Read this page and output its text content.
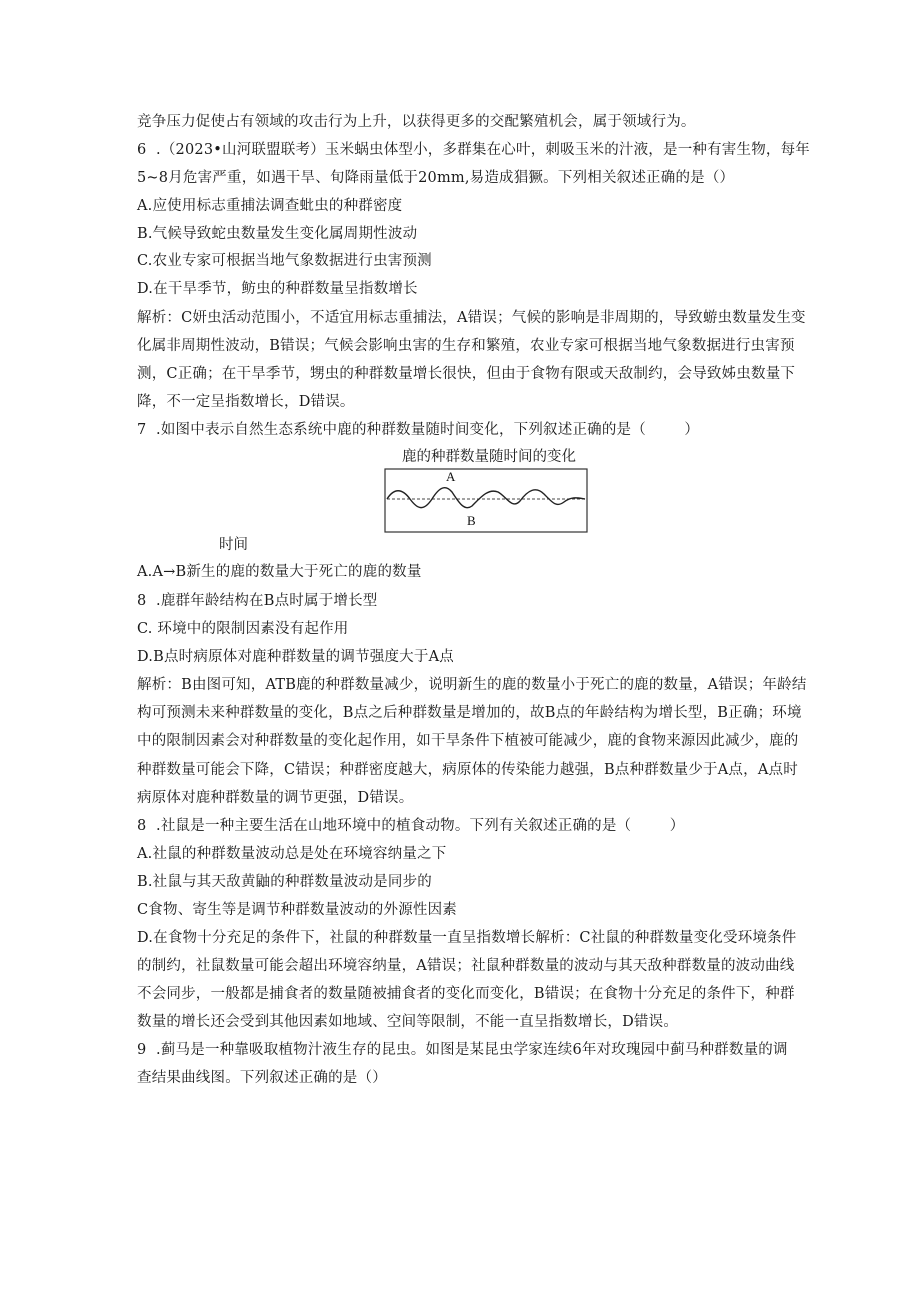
竞争压力促使占有领域的攻击行为上升，以获得更多的交配繁殖机会，属于领域行为。
6  .（2023•山河联盟联考）玉米蜗虫体型小，多群集在心叶，刺吸玉米的汁液，是一种有害生物，每年
5~8月危害严重，如遇干旱、旬降雨量低于20mm,易造成猖獗。下列相关叙述正确的是（）
A.应使用标志重捕法调查蚍虫的种群密度
B.气候导致蛇虫数量发生变化属周期性波动
C.农业专家可根据当地气象数据进行虫害预测
D.在干旱季节，鲂虫的种群数量呈指数增长
解析：C妍虫活动范围小，不适宜用标志重捕法，A错误；气候的影响是非周期的，导致蝣虫数量发生变
化属非周期性波动，B错误；气候会影响虫害的生存和繁殖，农业专家可根据当地气象数据进行虫害预
测，C正确；在干旱季节，甥虫的种群数量增长很快，但由于食物有限或天敌制约，会导致姊虫数量下
降，不一定呈指数增长，D错误。
7  .如图中表示自然生态系统中鹿的种群数量随时间变化，下列叙述正确的是（        ）
鹿的种群数量随时间的变化
A
B
时间
A.A→B新生的鹿的数量大于死亡的鹿的数量
8  .鹿群年龄结构在B点时属于增长型
C. 环境中的限制因素没有起作用
D.B点时病原体对鹿种群数量的调节强度大于A点
解析：B由图可知，ATB鹿的种群数量减少，说明新生的鹿的数量小于死亡的鹿的数量，A错误；年龄结
构可预测未来种群数量的变化，B点之后种群数量是增加的，故B点的年龄结构为增长型，B正确；环境
中的限制因素会对种群数量的变化起作用，如干旱条件下植被可能减少，鹿的食物来源因此减少，鹿的
种群数量可能会下降，C错误；种群密度越大，病原体的传染能力越强，B点种群数量少于A点，A点时
病原体对鹿种群数量的调节更强，D错误。
8  .社鼠是一种主要生活在山地环境中的植食动物。下列有关叙述正确的是（        ）
A.社鼠的种群数量波动总是处在环境容纳量之下
B.社鼠与其天敌黄鼬的种群数量波动是同步的
C食物、寄生等是调节种群数量波动的外源性因素
D.在食物十分充足的条件下，社鼠的种群数量一直呈指数增长解析：C社鼠的种群数量变化受环境条件
的制约，社鼠数量可能会超出环境容纳量，A错误；社鼠种群数量的波动与其天敌种群数量的波动曲线
不会同步，一般都是捕食者的数量随被捕食者的变化而变化，B错误；在食物十分充足的条件下，种群
数量的增长还会受到其他因素如地域、空间等限制，不能一直呈指数增长，D错误。
9  .蓟马是一种靠吸取植物汁液生存的昆虫。如图是某昆虫学家连续6年对玫瑰园中蓟马种群数量的调
查结果曲线图。下列叙述正确的是（）
